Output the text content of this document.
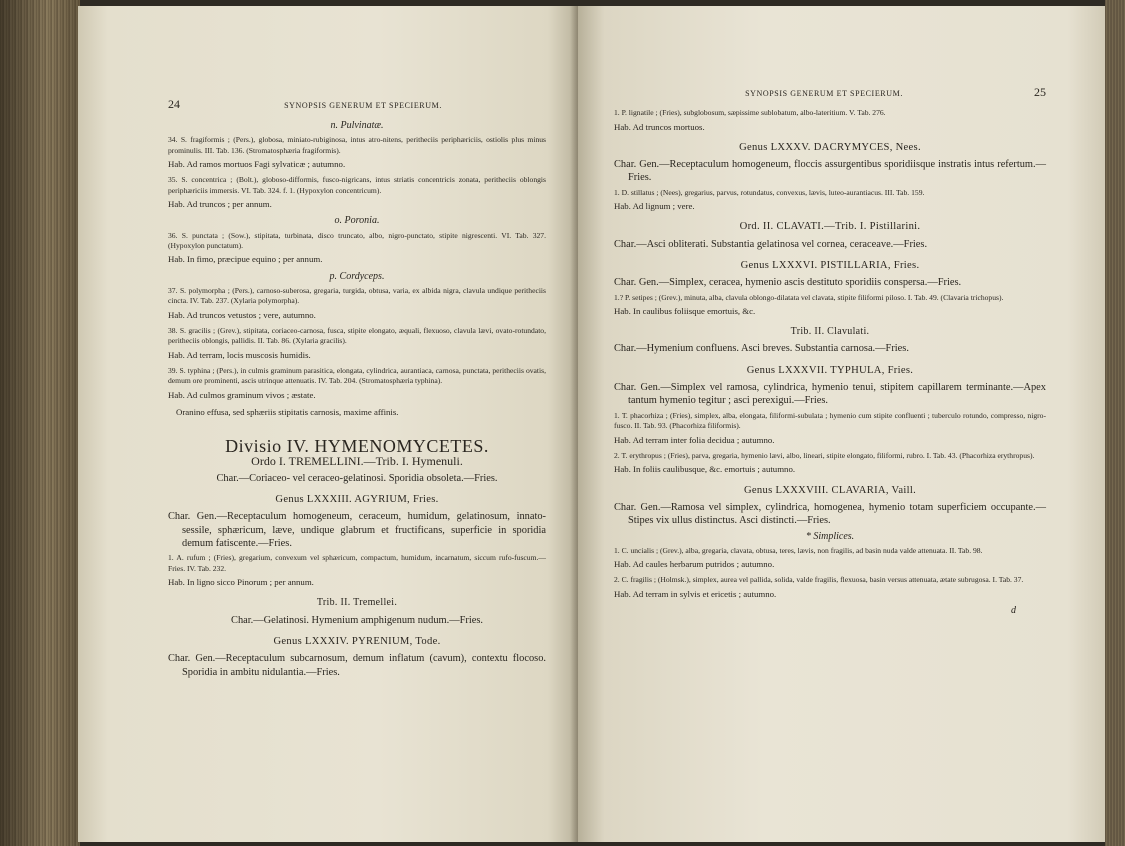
24	SYNOPSIS GENERUM ET SPECIERUM.
n. Pulvinatæ.

34. S. fragiformis ; (Pers.), globosa, miniato-rubiginosa, intus atro-nitens, peritheciis periphæriciis, ostiolis plus minus prominulis. III. Tab. 136. (Stromatosphæria fragiformis).

Hab. Ad ramos mortuos Fagi sylvaticæ ; autumno.

35. S. concentrica ; (Bolt.), globoso-difformis, fusco-nigricans, intus striatis concentricis zonata, peritheciis oblongis periphæriciis immersis. VI. Tab. 324. f. 1. (Hypoxylon concentricum).

Hab. Ad truncos ; per annum.

o. Poronia.

36. S. punctata ; (Sow.), stipitata, turbinata, disco truncato, albo, nigro-punctato, stipite nigrescenti. VI. Tab. 327. (Hypoxylon punctatum).

Hab. In fimo, præcipue equino ; per annum.

p. Cordyceps.

37. S. polymorpha ; (Pers.), carnoso-suberosa, gregaria, turgida, obtusa, varia, ex albida nigra, clavula undique peritheciis cincta. IV. Tab. 237. (Xylaria polymorpha).

Hab. Ad truncos vetustos ; vere, autumno.

38. S. gracilis ; (Grev.), stipitata, coriaceo-carnosa, fusca, stipite elongato, æquali, flexuoso, clavula lævi, ovato-rotundato, peritheciis oblongis, pallidis. II. Tab. 86. (Xylaria gracilis).

Hab. Ad terram, locis muscosis humidis.

39. S. typhina ; (Pers.), in culmis graminum parasitica, elongata, cylindrica, aurantiaca, carnosa, punctata, peritheciis ovatis, demum ore prominenti, ascis utrinque attenuatis. IV. Tab. 204. (Stromatosphæria typhina).

Hab. Ad culmos graminum vivos ; æstate.

Oranino effusa, sed sphæriis stipitatis carnosis, maxime affinis.

Divisio IV. HYMENOMYCETES.
Ordo I. TREMELLINI.—Trib. I. Hymenuli.

Char.—Coriaceo- vel ceraceo-gelatinosi. Sporidia obsoleta.—Fries.

Genus LXXXIII. AGYRIUM, Fries.

Char. Gen.—Receptaculum homogeneum, ceraceum, humidum, gelatinosum, innato-sessile, sphæricum, læve, undique glabrum et fructificans, superficie in sporidia demum fatiscente.—Fries.

1. A. rufum ; (Fries), gregarium, convexum vel sphæricum, compactum, humidum, incarnatum, siccum rufo-fuscum.—Fries. IV. Tab. 232.

Hab. In ligno sicco Pinorum ; per annum.

Trib. II. Tremellei.

Char.—Gelatinosi. Hymenium amphigenum nudum.—Fries.

Genus LXXXIV. PYRENIUM, Tode.

Char. Gen.—Receptaculum subcarnosum, demum inflatum (cavum), contextu flocoso. Sporidia in ambitu nidulantia.—Fries.

SYNOPSIS GENERUM ET SPECIERUM.	25

1. P. lignatile ; (Fries), subglobosum, sæpissime sublobatum, albo-lateritium. V. Tab. 276.

Hab. Ad truncos mortuos.

Genus LXXXV. DACRYMYCES, Nees.

Char. Gen.—Receptaculum homogeneum, floccis assurgentibus sporidiisque instratis intus refertum.—Fries.

1. D. stillatus ; (Nees), gregarius, parvus, rotundatus, convexus, lævis, luteo-aurantiacus. III. Tab. 159.

Hab. Ad lignum ; vere.

Ord. II. CLAVATI.—Trib. I. Pistillarini.

Char.—Asci obliterati. Substantia gelatinosa vel cornea, ceraceave.—Fries.

Genus LXXXVI. PISTILLARIA, Fries.

Char. Gen.—Simplex, ceracea, hymenio ascis destituto sporidiis conspersa.—Fries.

1.? P. setipes ; (Grev.), minuta, alba, clavula oblongo-dilatata vel clavata, stipite filiformi piloso. I. Tab. 49. (Clavaria trichopus).

Hab. In caulibus foliisque emortuis, &c.

Trib. II. Clavulati.

Char.—Hymenium confluens. Asci breves. Substantia carnosa.—Fries.

Genus LXXXVII. TYPHULA, Fries.

Char. Gen.—Simplex vel ramosa, cylindrica, hymenio tenui, stipitem capillarem terminante.—Apex tantum hymenio tegitur ; asci perexigui.—Fries.

1. T. phacorhiza ; (Fries), simplex, alba, elongata, filiformi-subulata ; hymenio cum stipite confluenti ; tuberculo rotundo, compresso, nigro-fusco. II. Tab. 93. (Phacorhiza filiformis).

Hab. Ad terram inter folia decidua ; autumno.

2. T. erythropus ; (Fries), parva, gregaria, hymenio lævi, albo, lineari, stipite elongato, filiformi, rubro. I. Tab. 43. (Phacorhiza erythropus).

Hab. In foliis caulibusque, &c. emortuis ; autumno.

Genus LXXXVIII. CLAVARIA, Vaill.

Char. Gen.—Ramosa vel simplex, cylindrica, homogenea, hymenio totam superficiem occupante.—Stipes vix ullus distinctus. Asci distincti.—Fries.

* Simplices.

1. C. uncialis ; (Grev.), alba, gregaria, clavata, obtusa, teres, lævis, non fragilis, ad basin nuda valde attenuata. II. Tab. 98.

Hab. Ad caules herbarum putridos ; autumno.

2. C. fragilis ; (Holmsk.), simplex, aurea vel pallida, solida, valde fragilis, flexuosa, basin versus attenuata, ætate subrugosa. I. Tab. 37.

Hab. Ad terram in sylvis et ericetis ; autumno.

d
